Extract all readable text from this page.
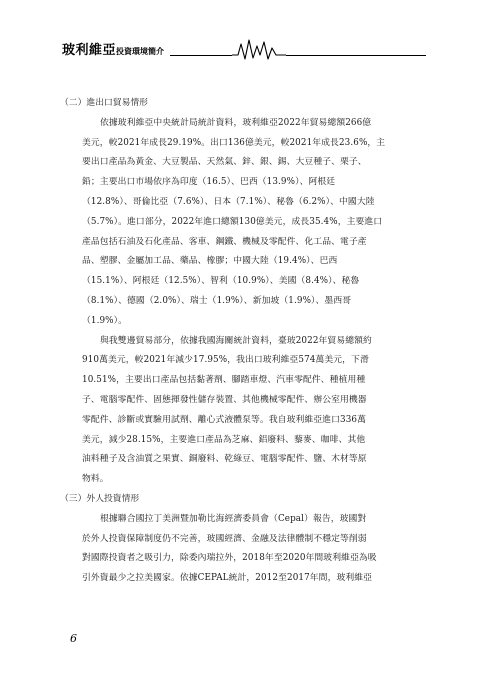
玻利維亞投資環境簡介
（二）進出口貿易情形
依據玻利維亞中央統計局統計資料，玻利維亞2022年貿易總額266億
美元，較2021年成長29.19%。出口136億美元，較2021年成長23.6%，主
要出口產品為黃金、大豆製品、天然氣、鋅、銀、錫、大豆種子、栗子、
鉛；主要出口市場依序為印度（16.5）、巴西（13.9%）、阿根廷
（12.8%）、哥倫比亞（7.6%）、日本（7.1%）、秘魯（6.2%）、中國大陸
（5.7%）。進口部分，2022年進口總額130億美元，成長35.4%，主要進口
產品包括石油及石化產品、客車、鋼鐵、機械及零配件、化工品、電子產
品、塑膠、金屬加工品、藥品、橡膠；中國大陸（19.4%）、巴西
（15.1%）、阿根廷（12.5%）、智利（10.9%）、美國（8.4%）、秘魯
（8.1%）、德國（2.0%）、瑞士（1.9%）、新加坡（1.9%）、墨西哥
（1.9%）。
與我雙邊貿易部分，依據我國海關統計資料，臺玻2022年貿易總額約
910萬美元，較2021年減少17.95%，我出口玻利維亞574萬美元，下滑
10.51%，主要出口產品包括黏著劑、腳踏車燈、汽車零配件、種植用種
子、電腦零配件、固態揮發性儲存裝置、其他機械零配件、辦公室用機器
零配件、診斷或實驗用試劑、離心式液體泵等。我自玻利維亞進口336萬
美元，減少28.15%，主要進口產品為芝麻、鋁廢料、藜麥、咖啡、其他
油料種子及含油質之果實、銅廢料、乾綠豆、電腦零配件、鹽、木材等原
物料。
（三）外人投資情形
根據聯合國拉丁美洲暨加勒比海經濟委員會（Cepal）報告，玻國對
於外人投資保障制度仍不完善，玻國經濟、金融及法律體制不穩定等削弱
對國際投資者之吸引力，除委內瑞拉外，2018年至2020年間玻利維亞為吸
引外資最少之拉美國家。依據CEPAL統計，2012至2017年間，玻利維亞
6
